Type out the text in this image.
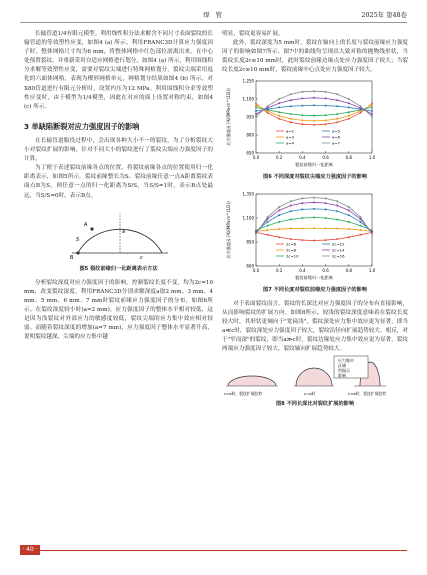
焊 管	2025年 第48卷

长输管道1/4有限元模型。利用线性积分法求解含不同尺寸表面裂纹的长输管道的等效塑性应变，如图4 (a) 所示。利用FRANC3D计算应力强度因子时，整体网格尺寸均为6 mm，将整体网格中红色部位剖离出来，在中心处预置裂纹，并重新采用自适应网格进行划分，如图4 (a) 所示，利用围线积分求解等效塑性应变，需要对裂纹尖端进行特殊网格划分，裂纹尖端采用退化的六面体网格，表现为楔形网格单元，网格划分结果如图4 (b) 所示，对X80管道进行有限元分析时，设置内压为12 MPa。利用围线积分求等效塑性应变时，由于模型为1/4模型，因此在对应的面上设置对称约束，如图4 (c) 所示。

3 单缺陷断裂对应力强度因子的影响

在长输管道服役过程中，会出现各种大小不一的裂纹，为了分析裂纹大小对裂纹扩展的影响，针对不同大小的裂纹进行了裂纹尖端应力强度因子的计算。

为了便于表述裂纹前缘各点的位置，将裂纹前缘各点的位置使用归一化距离表示，如图5所示。裂纹前缘整长为S。裂纹前缘任意一点A距离裂纹表面点B为S，则任意一点的归一化距离为S/S，当S/S=1时，表示B点处最远，当S/S=0时，表示B点。

A
S
B
a
c
图5 裂纹前缘归一化距离表示方法

分析裂纹深度对应力强度因子的影响，控制裂纹长度不变，均为2c=10 mm，改变裂纹深度。利用FRANC3D分别求解深度a取2 mm、3 mm、4 mm、5 mm、6 mm、7 mm时裂纹前缘应力强度因子的分布，如图6所示。在裂纹深度较小时(a=2 mm)，应力强度因子的整体水平相对较低，这是因为浅裂纹对外部应力的敏感度较低，裂纹尖端的应力集中效应相对较弱。而随着裂纹深度的增加(a=7 mm)，应力强度因子整体水平显著升高，说明裂纹越深，尖端的应力集中越

明显，裂纹更容易扩展。

此外，裂纹深度为5 mm时，裂纹在轴向上的长度与裂纹前缘应力强度因子的影响如图7所示。图7中的曲线均呈现出大致对称的抛物线形状，当裂纹长度2c≤10 mm时，此时裂纹前缘边缘点处应力强度因子较大；当裂纹长度2c≥10 mm时，裂纹前缘中心点处应力强度因子较大。

650
800
950
1,100
1,250
0.0	0.2	0.4	0.6	0.8	1.0
裂纹前缘归一化距离
应力强度因子K/(MPa·m^(1/2))	a=2
a=3
a=4
a=5
a=6
a=7
图6 不同深度对裂纹尖端应力强度因子的影响
600
850
1,100
1,350
0.0	0.2	0.4	0.6	0.8	1.0
裂纹前缘归一化距离
应力强度因子K/(MPa·m^(1/2))	2c=6
2c=8
2c=10
2c=12
2c=14
2c=16
图7 不同长度对裂纹前缘应力强度因子的影响

对于表面裂纹而言，裂纹的长深比对应力强度因子的分布有直接影响，从而影响裂纹的扩展方向。如图8所示，较浅的裂纹深度意味着在裂纹长度较大时，其形状更倾向于"宽扁浅"，裂纹深处应力集中效应更为显著，即当a≪c时，裂纹深处应力强度因子较大，裂纹沿径向扩展趋势较大。相反，对于"窄而深"的裂纹，即当a≫c时，裂纹边缘处应力集中效应更为显著，裂纹两端应力强度因子较大，裂纹轴向扩展趋势较大。

应力集中
区域
所指示
影响
c>a时，裂纹扩展趋势	c=a时	c<a时，裂纹扩展趋势
图8 不同长深比对裂纹扩展的影响
· 40 ·
